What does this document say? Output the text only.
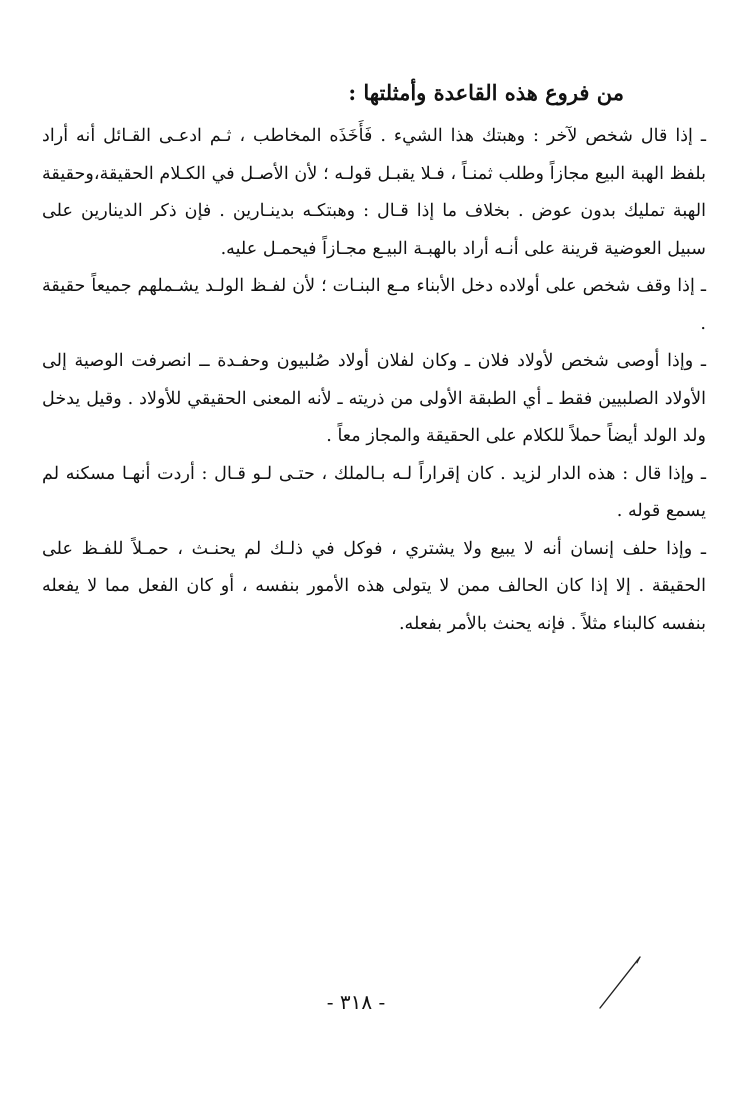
من فروع هذه القاعدة وأمثلتها :

ـ إذا قال شخص لآخر : وهبتك هذا الشيء . فَأَخَذَه المخاطب ، ثـم ادعـى القـائل أنه أراد بلفظ الهبة البيع مجازاً وطلب ثمنـاً ، فـلا يقبـل قولـه ؛ لأن الأصـل في الكـلام الحقيقة،وحقيقة الهبة تمليك بدون عوض . بخلاف ما إذا قـال : وهبتكـه بدينـارين . فإن ذكر الدينارين على سبيل العوضية قرينة على أنـه أراد بالهبـة البيـع مجـازاً فيحمـل عليه.

ـ إذا وقف شخص على أولاده دخل الأبناء مـع البنـات ؛ لأن لفـظ الولـد يشـملهم جميعاً حقيقة .

ـ وإذا أوصى شخص لأولاد فلان ـ وكان لفلان أولاد صُلبيون وحفـدة ــ انصرفت الوصية إلى الأولاد الصلبيين فقط ـ أي الطبقة الأولى من ذريته ـ لأنه المعنى الحقيقي للأولاد . وقيل يدخل ولد الولد أيضاً حملاً للكلام على الحقيقة والمجاز معاً .

ـ وإذا قال : هذه الدار لزيد . كان إقراراً لـه بـالملك ، حتـى لـو قـال : أردت أنهـا مسكنه لم يسمع قوله .

ـ وإذا حلف إنسان أنه لا يبيع ولا يشتري ، فوكل في ذلـك لم يحنـث ، حمـلاً للفـظ على الحقيقة . إلا إذا كان الحالف ممن لا يتولى هذه الأمور بنفسه ، أو كان الفعل مما لا يفعله بنفسه كالبناء مثلاً . فإنه يحنث بالأمر بفعله.

- ٣١٨ -
